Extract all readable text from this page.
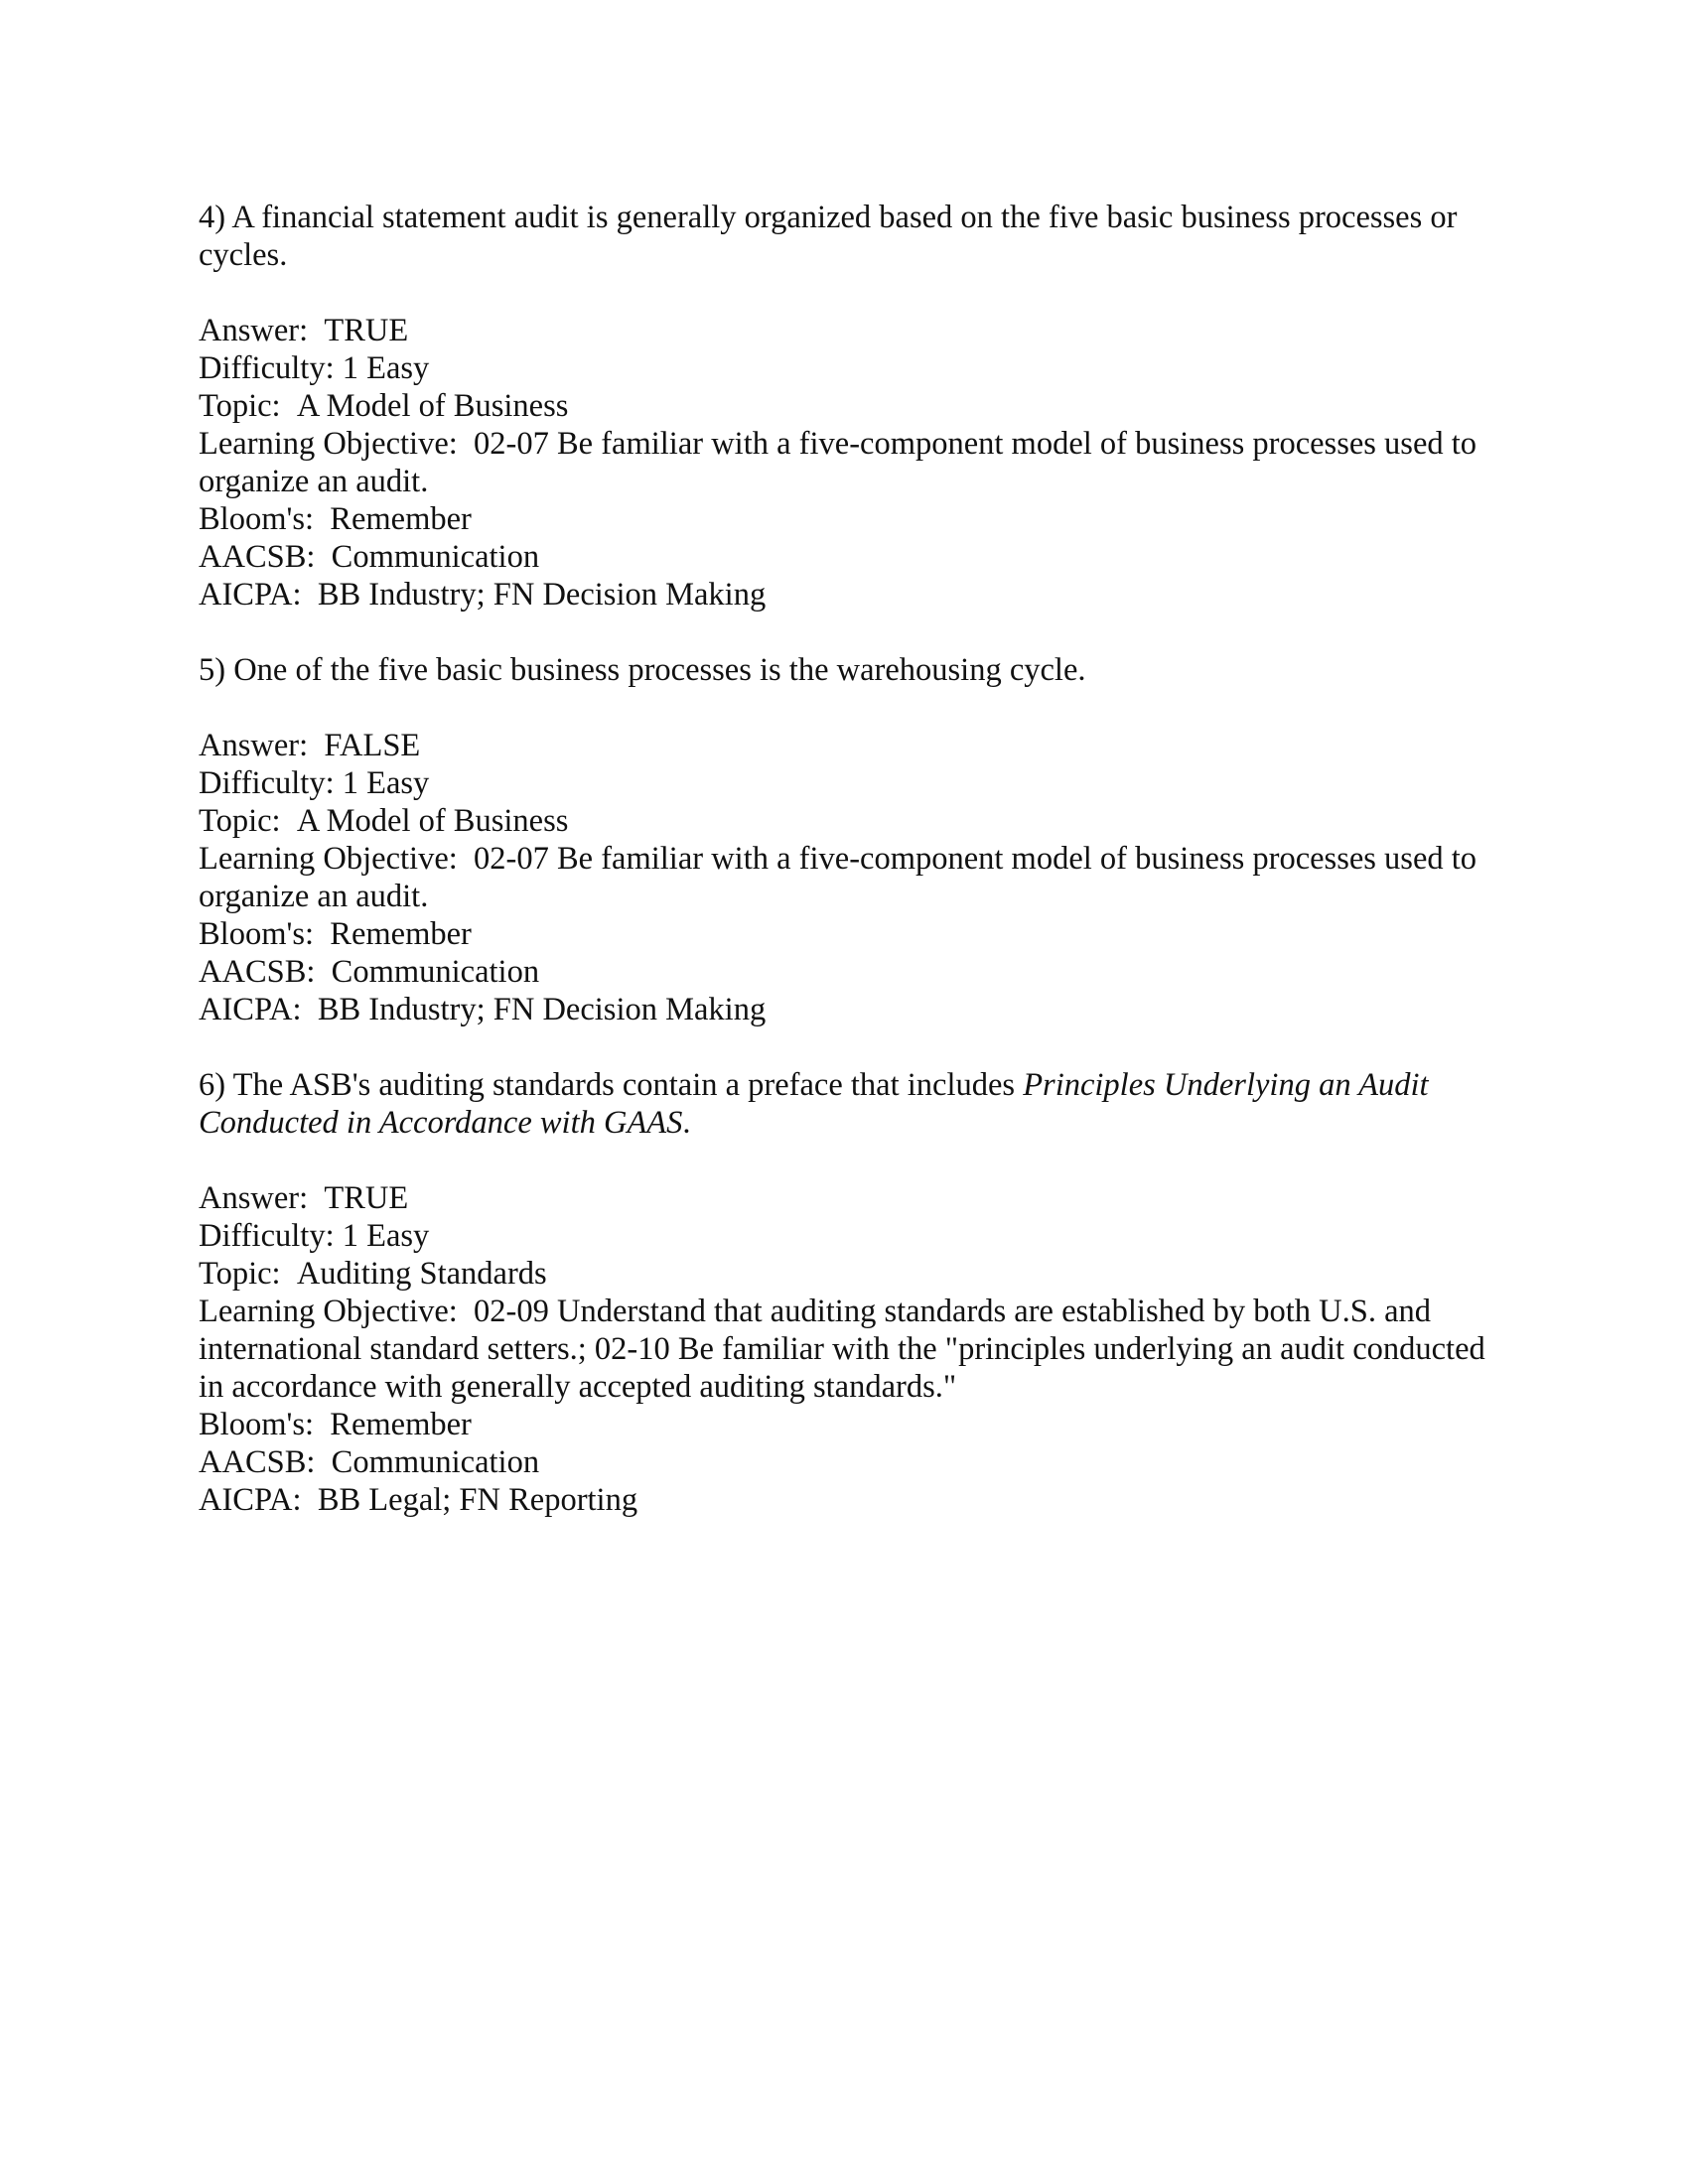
4) A financial statement audit is generally organized based on the five basic business processes or cycles.

Answer: TRUE

Difficulty: 1 Easy

Topic: A Model of Business

Learning Objective: 02-07 Be familiar with a five-component model of business processes used to organize an audit.

Bloom's: Remember

AACSB: Communication

AICPA: BB Industry; FN Decision Making

5) One of the five basic business processes is the warehousing cycle.

Answer: FALSE

Difficulty: 1 Easy

Topic: A Model of Business

Learning Objective: 02-07 Be familiar with a five-component model of business processes used to organize an audit.

Bloom's: Remember

AACSB: Communication

AICPA: BB Industry; FN Decision Making

6) The ASB's auditing standards contain a preface that includes Principles Underlying an Audit Conducted in Accordance with GAAS.

Answer: TRUE

Difficulty: 1 Easy

Topic: Auditing Standards

Learning Objective: 02-09 Understand that auditing standards are established by both U.S. and international standard setters.; 02-10 Be familiar with the "principles underlying an audit conducted in accordance with generally accepted auditing standards."

Bloom's: Remember

AACSB: Communication

AICPA: BB Legal; FN Reporting
